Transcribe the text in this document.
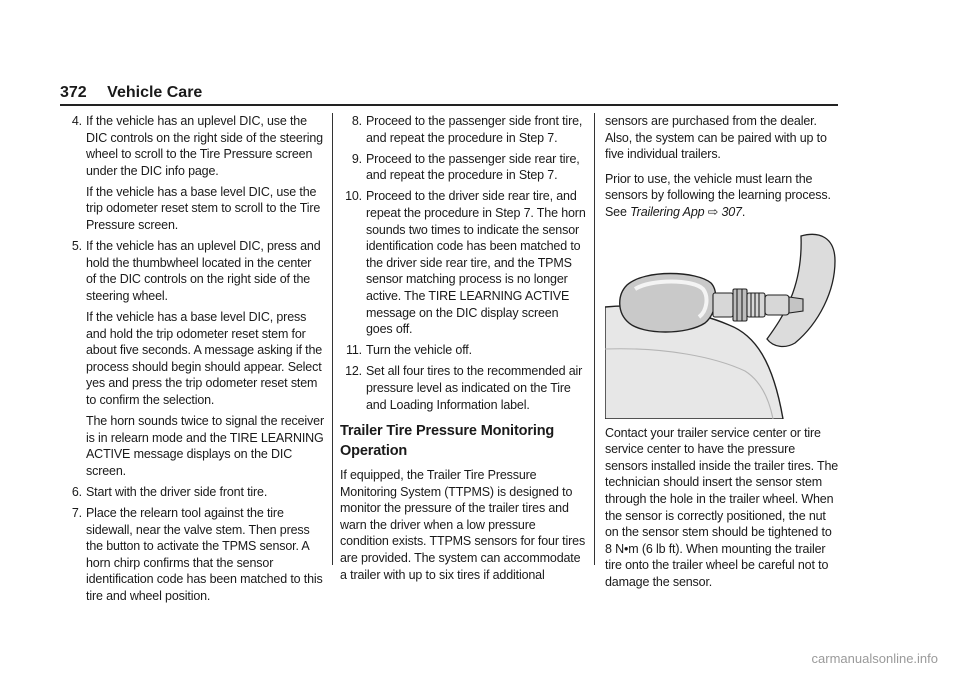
372 Vehicle Care
4. If the vehicle has an uplevel DIC, use the DIC controls on the right side of the steering wheel to scroll to the Tire Pressure screen under the DIC info page.
If the vehicle has a base level DIC, use the trip odometer reset stem to scroll to the Tire Pressure screen.
5. If the vehicle has an uplevel DIC, press and hold the thumbwheel located in the center of the DIC controls on the right side of the steering wheel.
If the vehicle has a base level DIC, press and hold the trip odometer reset stem for about five seconds. A message asking if the process should begin should appear. Select yes and press the trip odometer reset stem to confirm the selection.
The horn sounds twice to signal the receiver is in relearn mode and the TIRE LEARNING ACTIVE message displays on the DIC screen.
6. Start with the driver side front tire.
7. Place the relearn tool against the tire sidewall, near the valve stem. Then press the button to activate the TPMS sensor. A horn chirp confirms that the sensor identification code has been matched to this tire and wheel position.
8. Proceed to the passenger side front tire, and repeat the procedure in Step 7.
9. Proceed to the passenger side rear tire, and repeat the procedure in Step 7.
10. Proceed to the driver side rear tire, and repeat the procedure in Step 7. The horn sounds two times to indicate the sensor identification code has been matched to the driver side rear tire, and the TPMS sensor matching process is no longer active. The TIRE LEARNING ACTIVE message on the DIC display screen goes off.
11. Turn the vehicle off.
12. Set all four tires to the recommended air pressure level as indicated on the Tire and Loading Information label.
Trailer Tire Pressure Monitoring Operation
If equipped, the Trailer Tire Pressure Monitoring System (TTPMS) is designed to monitor the pressure of the trailer tires and warn the driver when a low pressure condition exists. TTPMS sensors for four tires are provided. The system can accommodate a trailer with up to six tires if additional
sensors are purchased from the dealer. Also, the system can be paired with up to five individual trailers.
Prior to use, the vehicle must learn the sensors by following the learning process. See Trailering App ⇨ 307.
Contact your trailer service center or tire service center to have the pressure sensors installed inside the trailer tires. The technician should insert the sensor stem through the hole in the trailer wheel. When the sensor is correctly positioned, the nut on the sensor stem should be tightened to 8 N•m (6 lb ft). When mounting the trailer tire onto the trailer wheel be careful not to damage the sensor.
carmanualsonline.info
